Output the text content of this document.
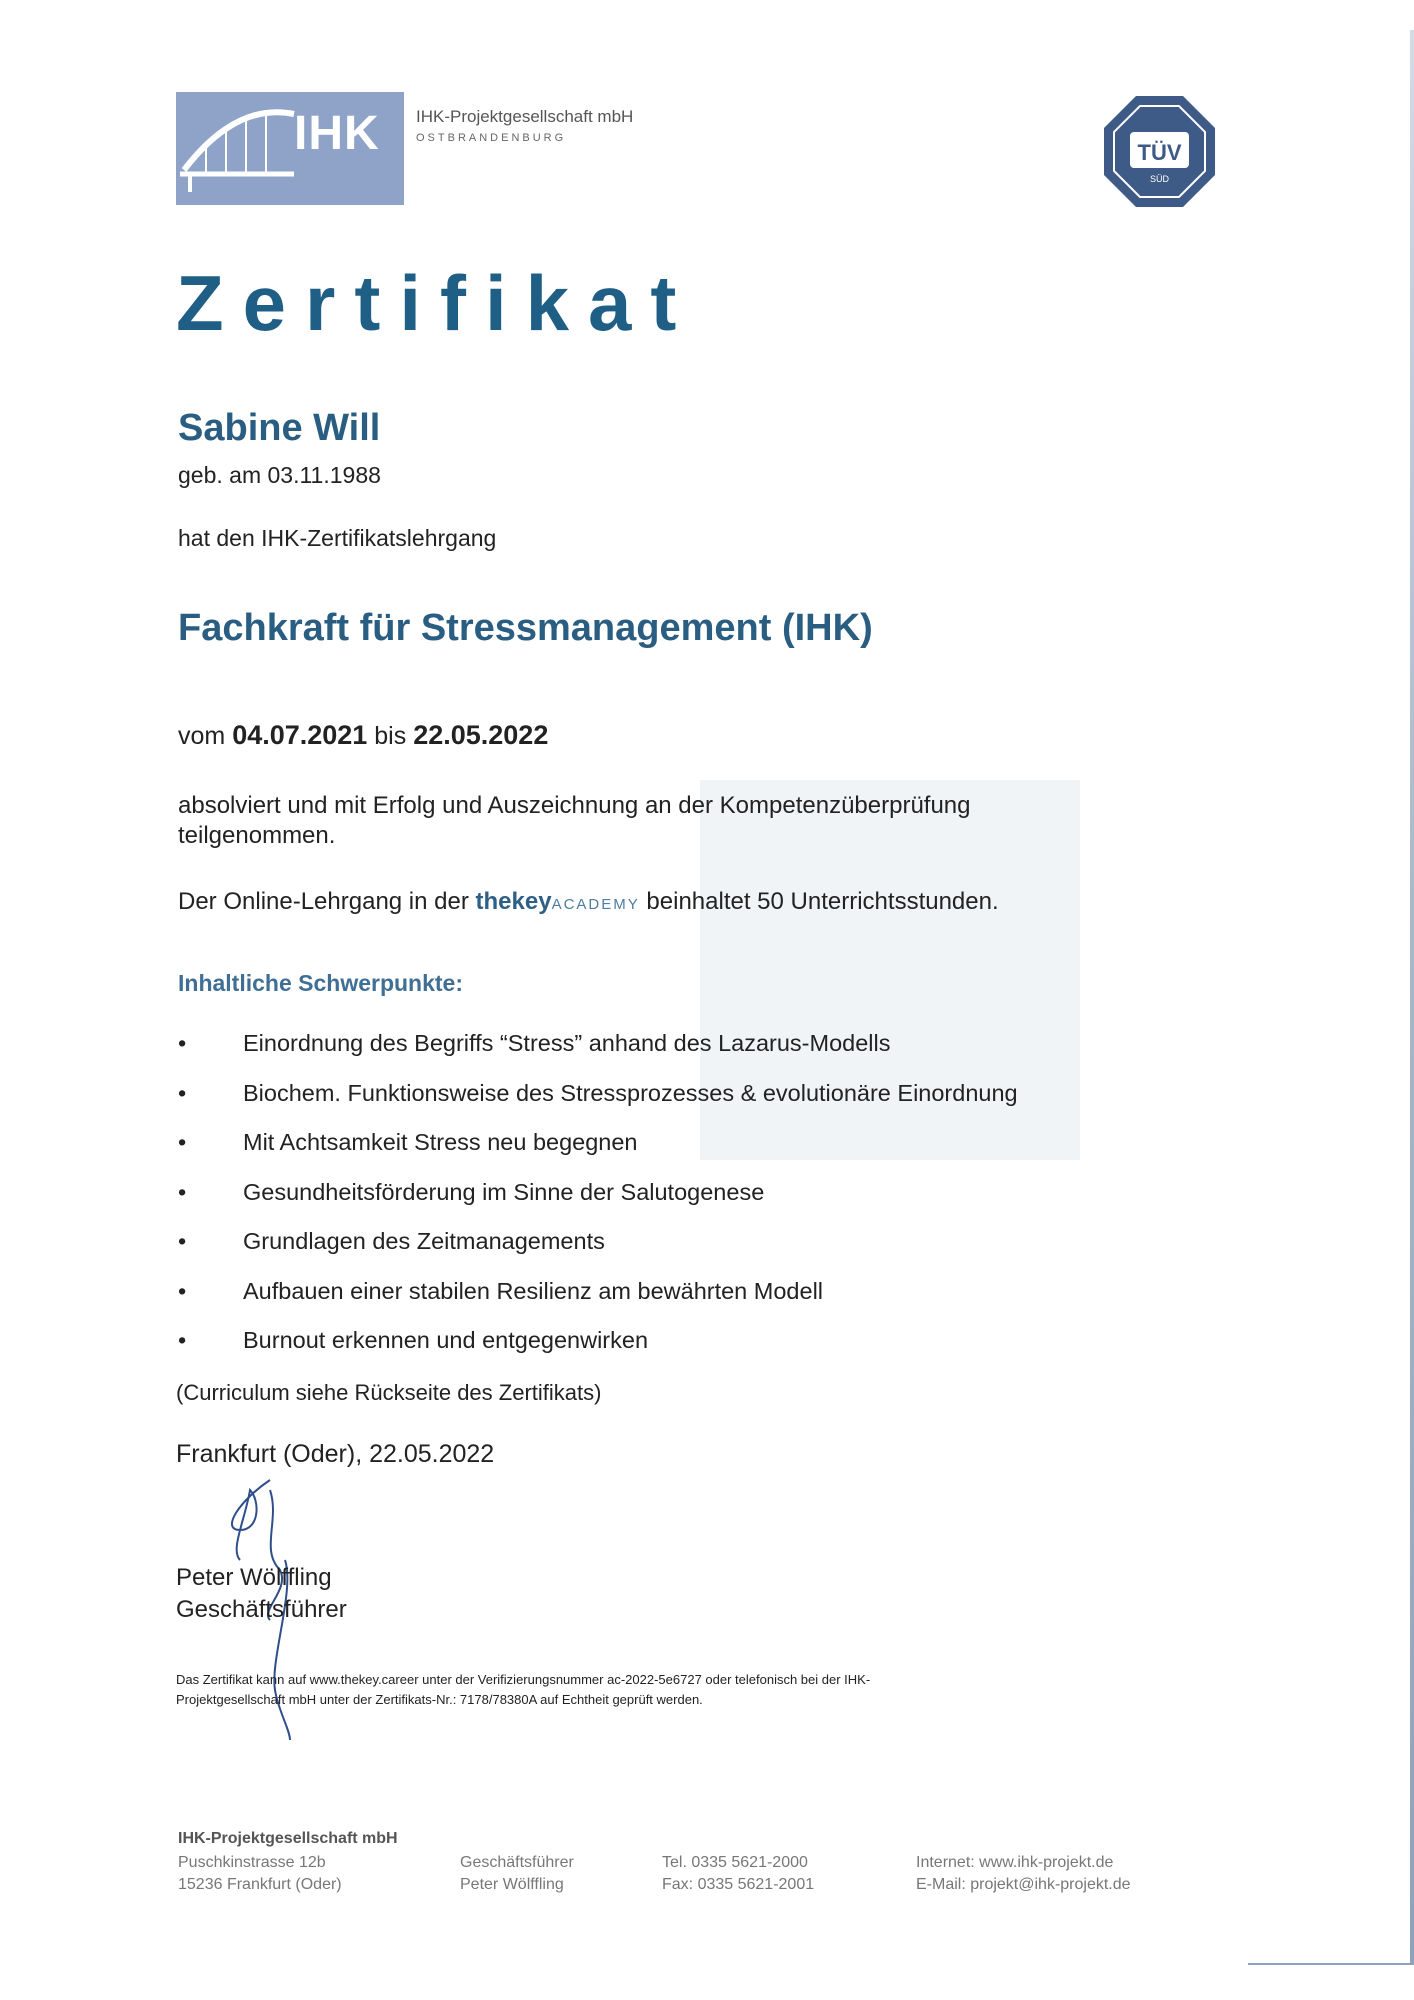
IHK IHK-Projektgesellschaft mbH
OSTBRANDENBURG
TÜV
SÜD
Zertifikat
Sabine Will
geb. am 03.11.1988
hat den IHK-Zertifikatslehrgang
Fachkraft für Stressmanagement (IHK)
vom 04.07.2021 bis 22.05.2022
absolviert und mit Erfolg und Auszeichnung an der Kompetenzüberprüfung
teilgenommen.
Der Online-Lehrgang in der thekeyACADEMY beinhaltet 50 Unterrichtsstunden.
Inhaltliche Schwerpunkte:
•	Einordnung des Begriffs “Stress” anhand des Lazarus-Modells
•	Biochem. Funktionsweise des Stressprozesses & evolutionäre Einordnung
•	Mit Achtsamkeit Stress neu begegnen
•	Gesundheitsförderung im Sinne der Salutogenese
•	Grundlagen des Zeitmanagements
•	Aufbauen einer stabilen Resilienz am bewährten Modell
•	Burnout erkennen und entgegenwirken
(Curriculum siehe Rückseite des Zertifikats)
Frankfurt (Oder), 22.05.2022
Peter Wölffling
Geschäftsführer
Das Zertifikat kann auf www.thekey.career unter der Verifizierungsnummer ac-2022-5e6727 oder telefonisch bei der IHK-
Projektgesellschaft mbH unter der Zertifikats-Nr.: 7178/78380A auf Echtheit geprüft werden.
IHK-Projektgesellschaft mbH
Puschkinstrasse 12b
15236 Frankfurt (Oder)
Geschäftsführer
Peter Wölffling
Tel. 0335 5621-2000
Fax: 0335 5621-2001
Internet: www.ihk-projekt.de
E-Mail: projekt@ihk-projekt.de
